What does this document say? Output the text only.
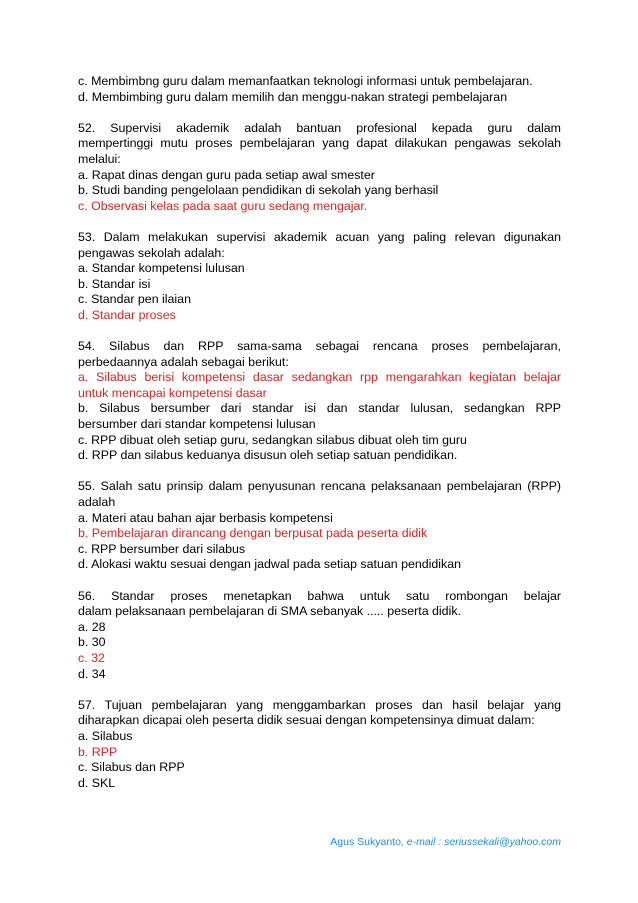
c. Membimbng guru dalam memanfaatkan teknologi informasi untuk pembelajaran.
d. Membimbing guru dalam memilih dan menggu-nakan strategi pembelajaran
52. Supervisi akademik adalah bantuan profesional kepada guru dalam
mempertinggi mutu proses pembelajaran yang dapat dilakukan pengawas sekolah
melalui:
a. Rapat dinas dengan guru pada setiap awal smester
b. Studi banding pengelolaan pendidikan di sekolah yang berhasil
c. Observasi kelas pada saat guru sedang mengajar.
53. Dalam melakukan supervisi akademik acuan yang paling relevan digunakan
pengawas sekolah adalah:
a. Standar kompetensi lulusan
b. Standar isi
c. Standar pen ilaian
d. Standar proses
54. Silabus dan RPP sama-sama sebagai rencana proses pembelajaran,
perbedaannya adalah sebagai berikut:
a. Silabus berisi kompetensi dasar sedangkan rpp mengarahkan kegiatan belajar
untuk mencapai kompetensi dasar
b. Silabus bersumber dari standar isi dan standar lulusan, sedangkan RPP
bersumber dari standar kompetensi lulusan
c. RPP dibuat oleh setiap guru, sedangkan silabus dibuat oleh tim guru
d. RPP dan silabus keduanya disusun oleh setiap satuan pendidikan.
55. Salah satu prinsip dalam penyusunan rencana pelaksanaan pembelajaran (RPP)
adalah
a. Materi atau bahan ajar berbasis kompetensi
b. Pembelajaran dirancang dengan berpusat pada peserta didik
c. RPP bersumber dari silabus
d. Alokasi waktu sesuai dengan jadwal pada setiap satuan pendidikan
56. Standar proses menetapkan bahwa untuk satu rombongan belajar
dalam pelaksanaan pembelajaran di SMA sebanyak ..... peserta didik.
a. 28
b. 30
c. 32
d. 34
57. Tujuan pembelajaran yang menggambarkan proses dan hasil belajar yang
diharapkan dicapai oleh peserta didik sesuai dengan kompetensinya dimuat dalam:
a. Silabus
b. RPP
c. Silabus dan RPP
d. SKL
Agus Sukyanto, e-mail : seriussekali@yahoo.com
